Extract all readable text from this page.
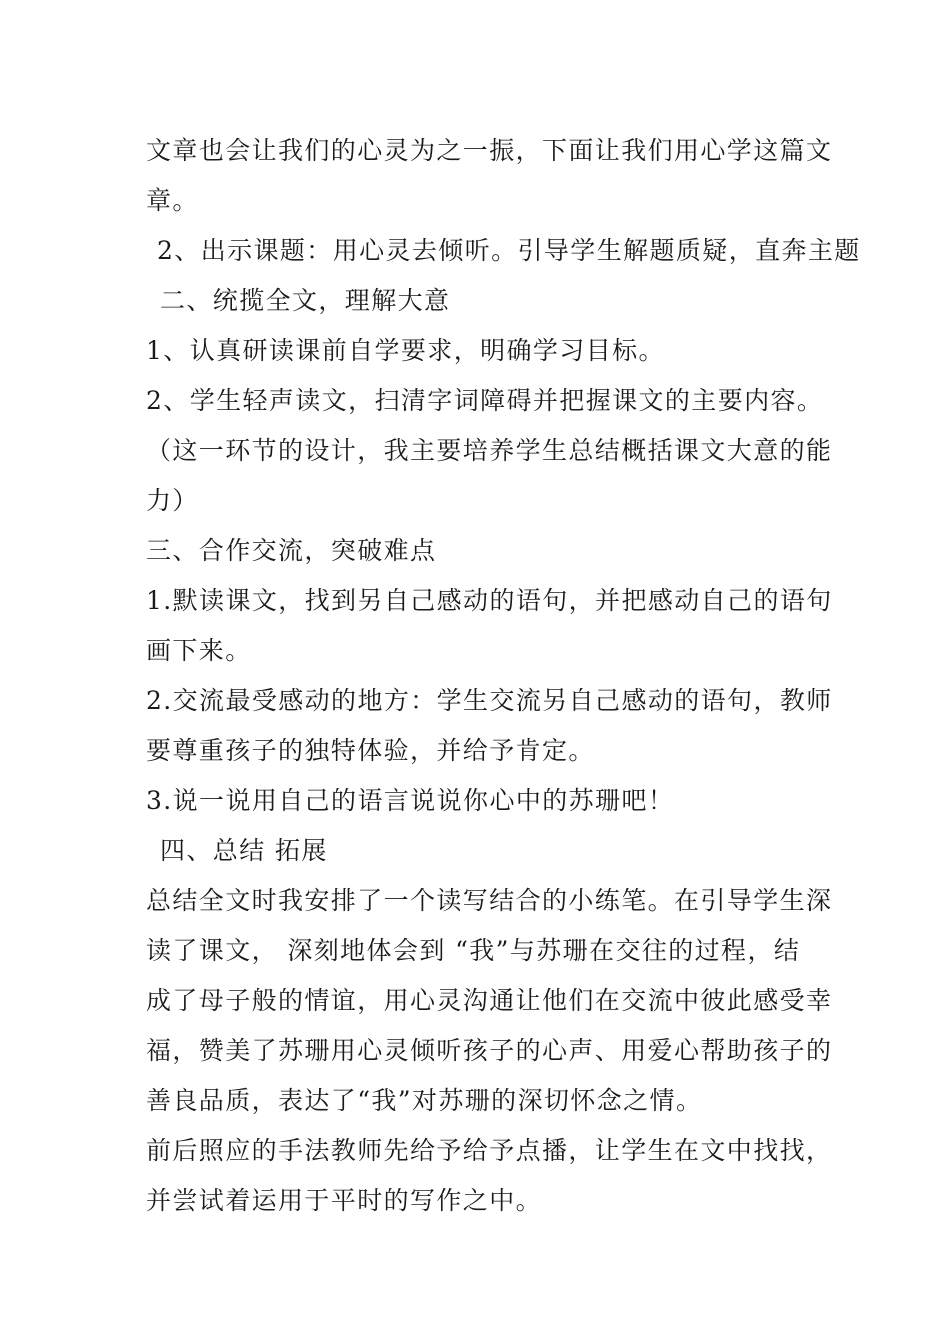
文章也会让我们的心灵为之一振，下面让我们用心学这篇文
章。
2、出示课题：用心灵去倾听。引导学生解题质疑，直奔主题
二、统揽全文，理解大意
1、认真研读课前自学要求，明确学习目标。
2、学生轻声读文，扫清字词障碍并把握课文的主要内容。
（这一环节的设计，我主要培养学生总结概括课文大意的能
力）
三、合作交流，突破难点
1.默读课文，找到另自己感动的语句，并把感动自己的语句
画下来。
2.交流最受感动的地方：学生交流另自己感动的语句，教师
要尊重孩子的独特体验，并给予肯定。
3.说一说用自己的语言说说你心中的苏珊吧！
四、总结 拓展
总结全文时我安排了一个读写结合的小练笔。在引导学生深
读了课文， 深刻地体会到 “我”与苏珊在交往的过程，结
成了母子般的情谊，用心灵沟通让他们在交流中彼此感受幸
福，赞美了苏珊用心灵倾听孩子的心声、用爱心帮助孩子的
善良品质，表达了“我”对苏珊的深切怀念之情。
前后照应的手法教师先给予给予点播，让学生在文中找找，
并尝试着运用于平时的写作之中。
